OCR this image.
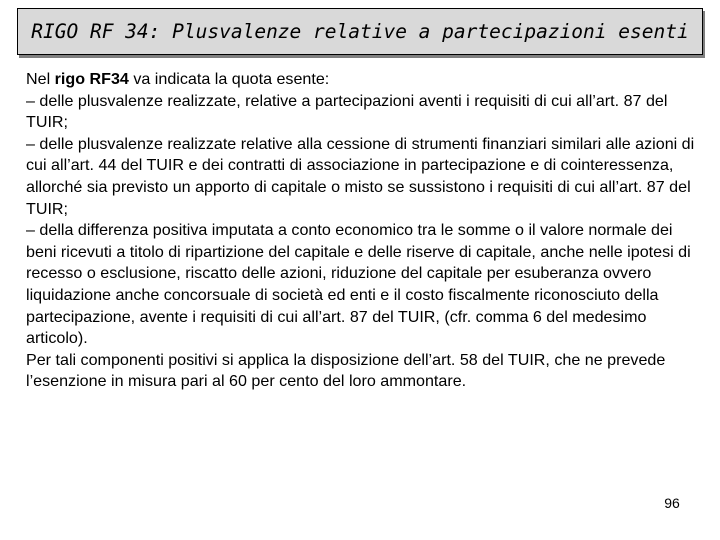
RIGO RF 34: Plusvalenze relative a partecipazioni esenti

Nel rigo RF34 va indicata la quota esente:

– delle plusvalenze realizzate, relative a partecipazioni aventi i requisiti di cui all’art. 87 del TUIR;

– delle plusvalenze realizzate relative alla cessione di strumenti finanziari similari alle azioni di cui all’art. 44 del TUIR e dei contratti di associazione in partecipazione e di cointeressenza, allorché sia previsto un apporto di capitale o misto se sussistono i requisiti di cui all’art. 87 del TUIR;

– della differenza positiva imputata a conto economico tra le somme o il valore normale dei beni ricevuti a titolo di ripartizione del capitale e delle riserve di capitale, anche nelle ipotesi di recesso o esclusione, riscatto delle azioni, riduzione del capitale per esuberanza ovvero liquidazione anche concorsuale di società ed enti e il costo fiscalmente riconosciuto della partecipazione, avente i requisiti di cui all’art. 87 del TUIR, (cfr. comma 6 del medesimo articolo).

Per tali componenti positivi si applica la disposizione dell’art. 58 del TUIR, che ne prevede l’esenzione in misura pari al 60 per cento del loro ammontare.

96
